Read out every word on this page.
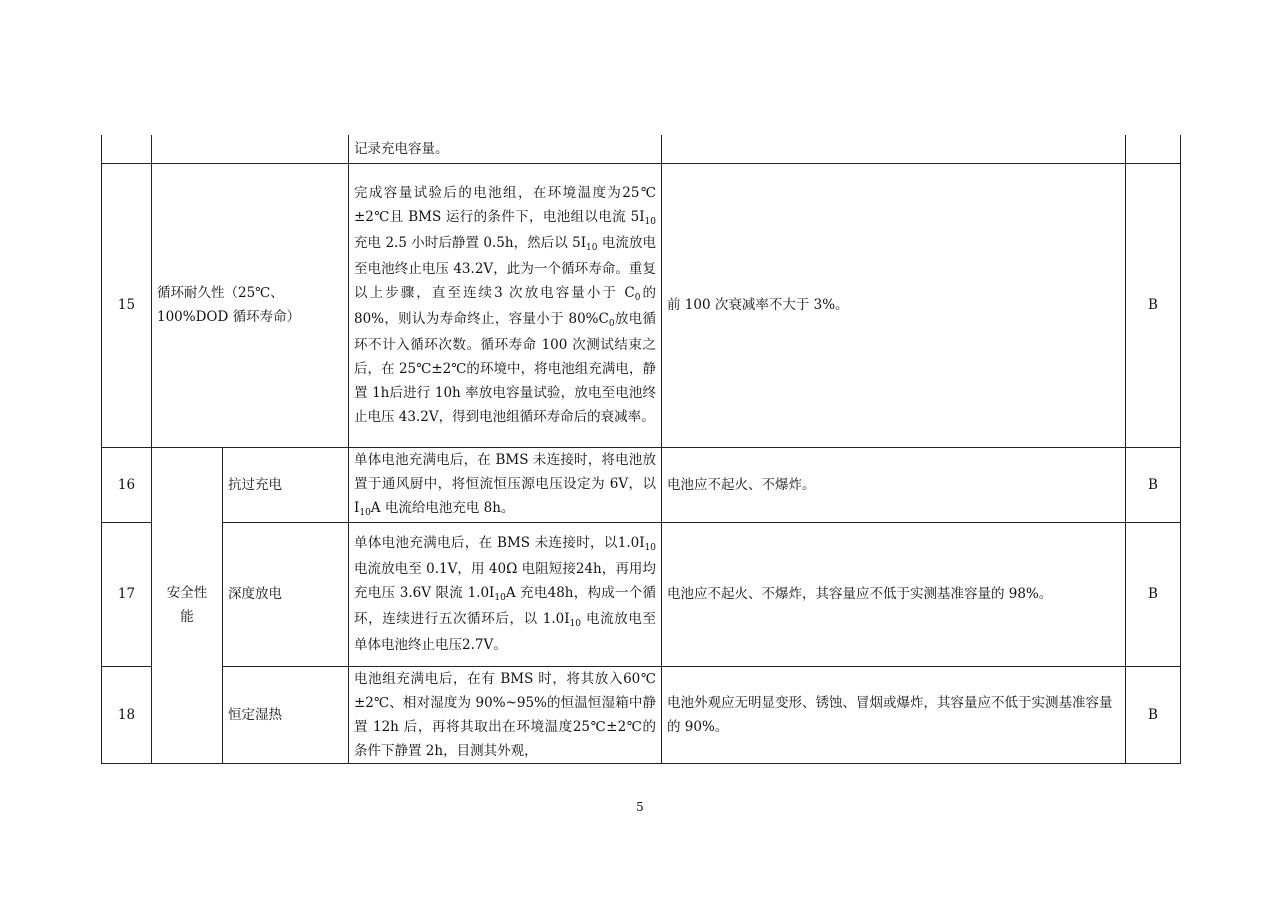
			记录充电容量。		
15	循环耐久性（25℃、100%DOD 循环寿命）		完成容量试验后的电池组，在环境温度为25℃±2℃且 BMS 运行的条件下，电池组以电流 $5I_{10}$充电 2.5 小时后静置 0.5h，然后以 $5I_{10}$ 电流放电至电池终止电压 43.2V，此为一个循环寿命。重复以上步骤，直至连续3 次放电容量小于 $C_0$的 80%，则认为寿命终止，容量小于 $80\%C_0$放电循环不计入循环次数。循环寿命 100 次测试结束之后，在 25℃±2℃的环境中，将电池组充满电，静置 1h后进行 10h 率放电容量试验，放电至电池终止电压 43.2V，得到电池组循环寿命后的衰减率。	前 100 次衰减率不大于 3%。	B
16	安全性能	抗过充电	单体电池充满电后，在 BMS 未连接时，将电池放置于通风厨中，将恒流恒压源电压设定为 6V，以 $I_{10}A$ 电流给电池充电 8h。	电池应不起火、不爆炸。	B
17		深度放电	单体电池充满电后，在 BMS 未连接时，以$1.0I_{10}$ 电流放电至 0.1V，用 40Ω 电阻短接24h，再用均充电压 3.6V 限流 $1.0I_{10}A$ 充电48h，构成一个循环，连续进行五次循环后，以 $1.0I_{10}$ 电流放电至单体电池终止电压2.7V。	电池应不起火、不爆炸，其容量应不低于实测基准容量的 98%。	B
18		恒定湿热	电池组充满电后，在有 BMS 时，将其放入60℃±2℃、相对湿度为 90%~95%的恒温恒湿箱中静置 12h 后，再将其取出在环境温度25℃±2℃的条件下静置 2h，目测其外观，	电池外观应无明显变形、锈蚀、冒烟或爆炸，其容量应不低于实测基准容量的 90%。	B
5
